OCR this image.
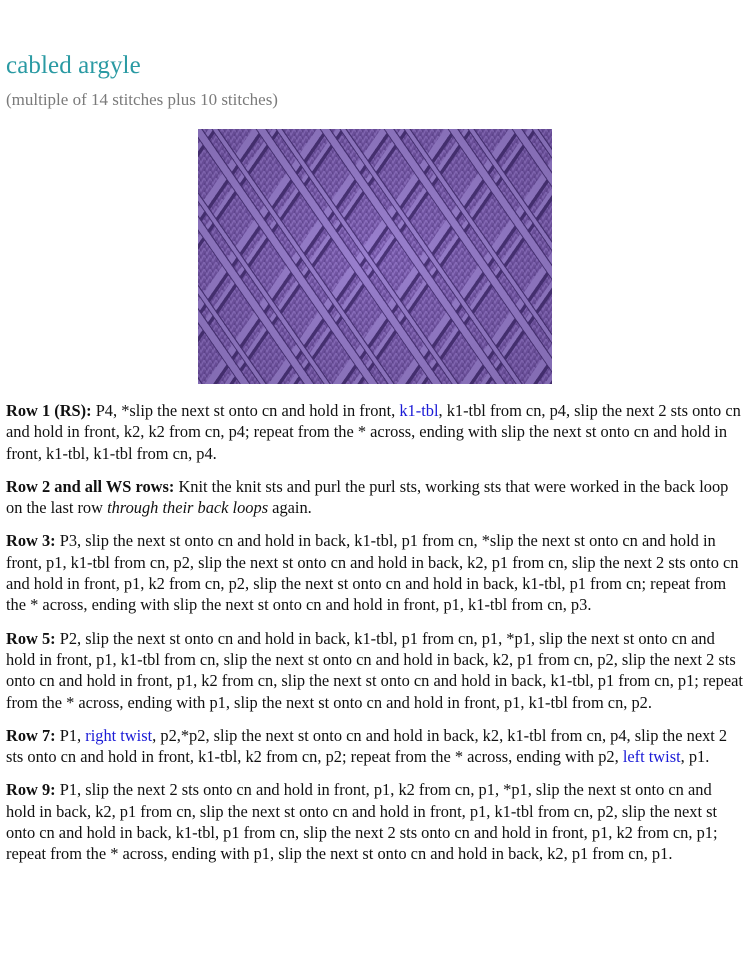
cabled argyle

(multiple of 14 stitches plus 10 stitches)

Row 1 (RS): P4, *slip the next st onto cn and hold in front, k1-tbl, k1-tbl from cn, p4, slip the next 2 sts onto cn and hold in front, k2, k2 from cn, p4; repeat from the * across, ending with slip the next st onto cn and hold in front, k1-tbl, k1-tbl from cn, p4.

Row 2 and all WS rows: Knit the knit sts and purl the purl sts, working sts that were worked in the back loop on the last row through their back loops again.

Row 3: P3, slip the next st onto cn and hold in back, k1-tbl, p1 from cn, *slip the next st onto cn and hold in front, p1, k1-tbl from cn, p2, slip the next st onto cn and hold in back, k2, p1 from cn, slip the next 2 sts onto cn and hold in front, p1, k2 from cn, p2, slip the next st onto cn and hold in back, k1-tbl, p1 from cn; repeat from the * across, ending with slip the next st onto cn and hold in front, p1, k1-tbl from cn, p3.

Row 5: P2, slip the next st onto cn and hold in back, k1-tbl, p1 from cn, p1, *p1, slip the next st onto cn and hold in front, p1, k1-tbl from cn, slip the next st onto cn and hold in back, k2, p1 from cn, p2, slip the next 2 sts onto cn and hold in front, p1, k2 from cn, slip the next st onto cn and hold in back, k1-tbl, p1 from cn, p1; repeat from the * across, ending with p1, slip the next st onto cn and hold in front, p1, k1-tbl from cn, p2.

Row 7: P1, right twist, p2,*p2, slip the next st onto cn and hold in back, k2, k1-tbl from cn, p4, slip the next 2 sts onto cn and hold in front, k1-tbl, k2 from cn, p2; repeat from the * across, ending with p2, left twist, p1.

Row 9: P1, slip the next 2 sts onto cn and hold in front, p1, k2 from cn, p1, *p1, slip the next st onto cn and hold in back, k2, p1 from cn, slip the next st onto cn and hold in front, p1, k1-tbl from cn, p2, slip the next st onto cn and hold in back, k1-tbl, p1 from cn, slip the next 2 sts onto cn and hold in front, p1, k2 from cn, p1; repeat from the * across, ending with p1, slip the next st onto cn and hold in back, k2, p1 from cn, p1.
